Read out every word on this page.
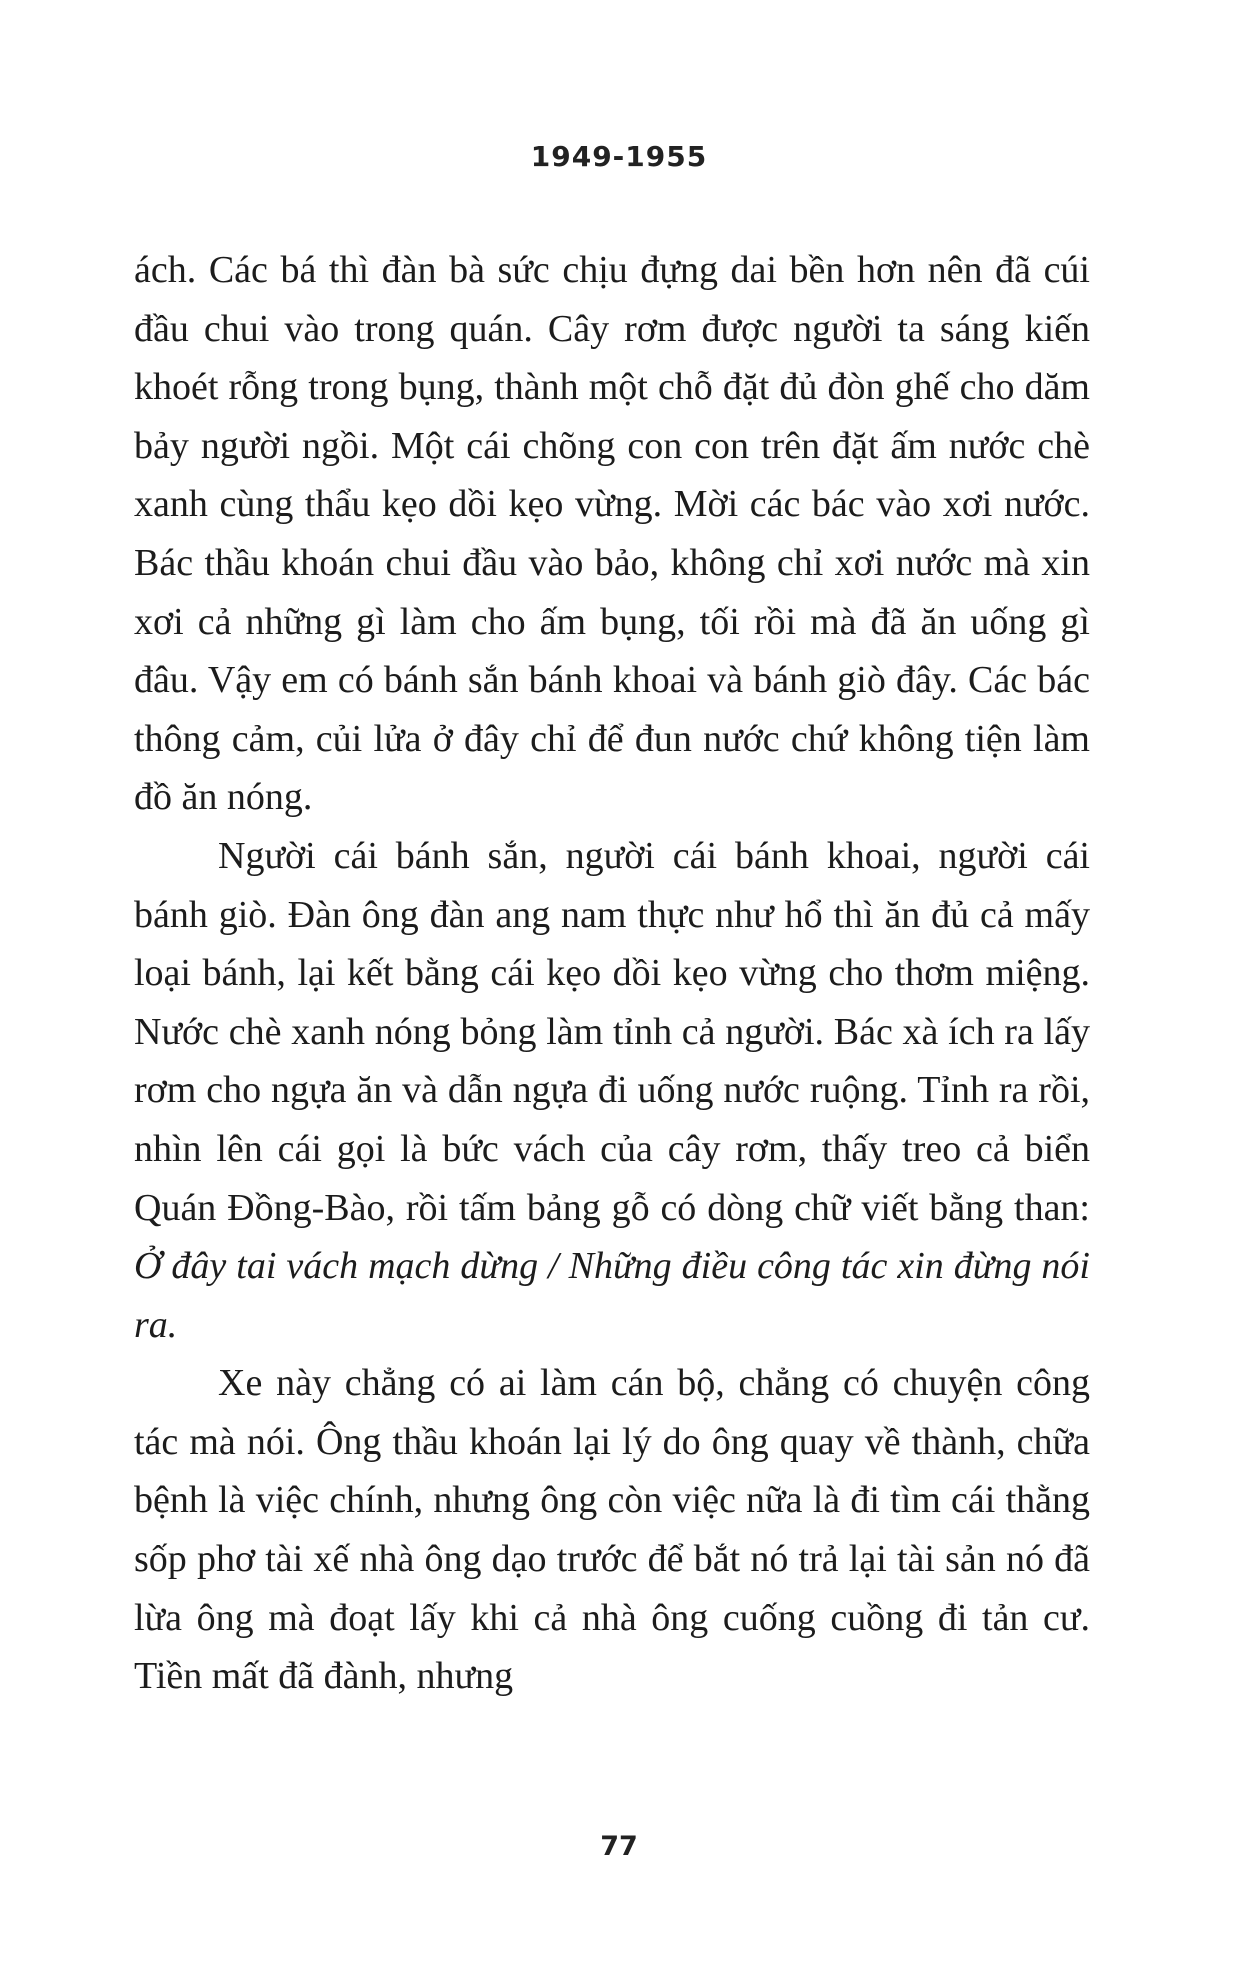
1949-1955

ách. Các bá thì đàn bà sức chịu đựng dai bền hơn nên đã cúi đầu chui vào trong quán. Cây rơm được người ta sáng kiến khoét rỗng trong bụng, thành một chỗ đặt đủ đòn ghế cho dăm bảy người ngồi. Một cái chõng con con trên đặt ấm nước chè xanh cùng thẩu kẹo dồi kẹo vừng. Mời các bác vào xơi nước. Bác thầu khoán chui đầu vào bảo, không chỉ xơi nước mà xin xơi cả những gì làm cho ấm bụng, tối rồi mà đã ăn uống gì đâu. Vậy em có bánh sắn bánh khoai và bánh giò đây. Các bác thông cảm, củi lửa ở đây chỉ để đun nước chứ không tiện làm đồ ăn nóng.

Người cái bánh sắn, người cái bánh khoai, người cái bánh giò. Đàn ông đàn ang nam thực như hổ thì ăn đủ cả mấy loại bánh, lại kết bằng cái kẹo dồi kẹo vừng cho thơm miệng. Nước chè xanh nóng bỏng làm tỉnh cả người. Bác xà ích ra lấy rơm cho ngựa ăn và dẫn ngựa đi uống nước ruộng. Tỉnh ra rồi, nhìn lên cái gọi là bức vách của cây rơm, thấy treo cả biển Quán Đồng-Bào, rồi tấm bảng gỗ có dòng chữ viết bằng than: Ở đây tai vách mạch dừng / Những điều công tác xin đừng nói ra.

Xe này chẳng có ai làm cán bộ, chẳng có chuyện công tác mà nói. Ông thầu khoán lại lý do ông quay về thành, chữa bệnh là việc chính, nhưng ông còn việc nữa là đi tìm cái thằng sốp phơ tài xế nhà ông dạo trước để bắt nó trả lại tài sản nó đã lừa ông mà đoạt lấy khi cả nhà ông cuống cuồng đi tản cư. Tiền mất đã đành, nhưng

77
